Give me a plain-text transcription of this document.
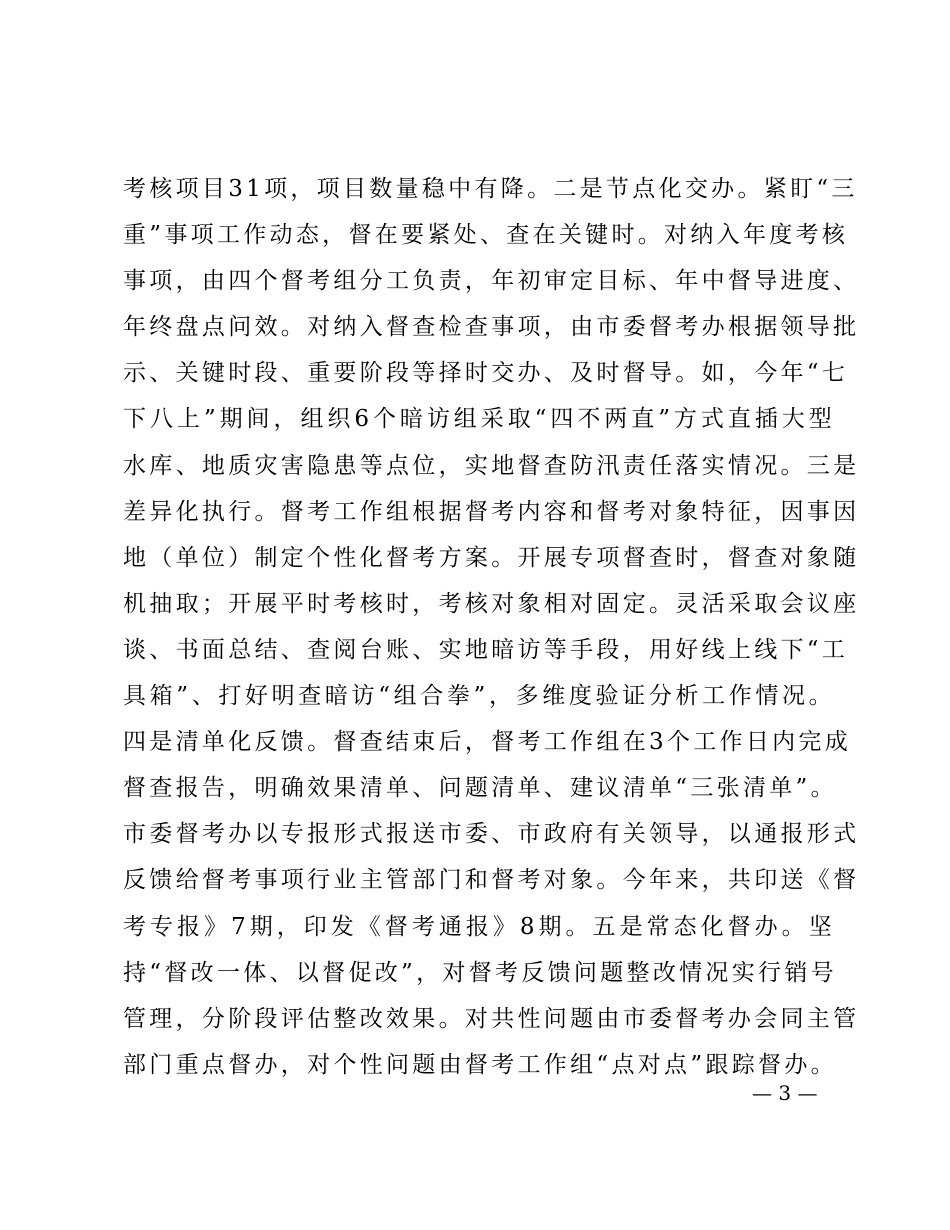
考核项目31项，项目数量稳中有降。二是节点化交办。紧盯“三
重”事项工作动态，督在要紧处、查在关键时。对纳入年度考核
事项，由四个督考组分工负责，年初审定目标、年中督导进度、
年终盘点问效。对纳入督查检查事项，由市委督考办根据领导批
示、关键时段、重要阶段等择时交办、及时督导。如，今年“七
下八上”期间，组织6个暗访组采取“四不两直”方式直插大型
水库、地质灾害隐患等点位，实地督查防汛责任落实情况。三是
差异化执行。督考工作组根据督考内容和督考对象特征，因事因
地（单位）制定个性化督考方案。开展专项督查时，督查对象随
机抽取；开展平时考核时，考核对象相对固定。灵活采取会议座
谈、书面总结、查阅台账、实地暗访等手段，用好线上线下“工
具箱”、打好明查暗访“组合拳”，多维度验证分析工作情况。
四是清单化反馈。督查结束后，督考工作组在3个工作日内完成
督查报告，明确效果清单、问题清单、建议清单“三张清单”。
市委督考办以专报形式报送市委、市政府有关领导，以通报形式
反馈给督考事项行业主管部门和督考对象。今年来，共印送《督
考专报》7期，印发《督考通报》8期。五是常态化督办。坚
持“督改一体、以督促改”，对督考反馈问题整改情况实行销号
管理，分阶段评估整改效果。对共性问题由市委督考办会同主管
部门重点督办，对个性问题由督考工作组“点对点”跟踪督办。
— 3 —
